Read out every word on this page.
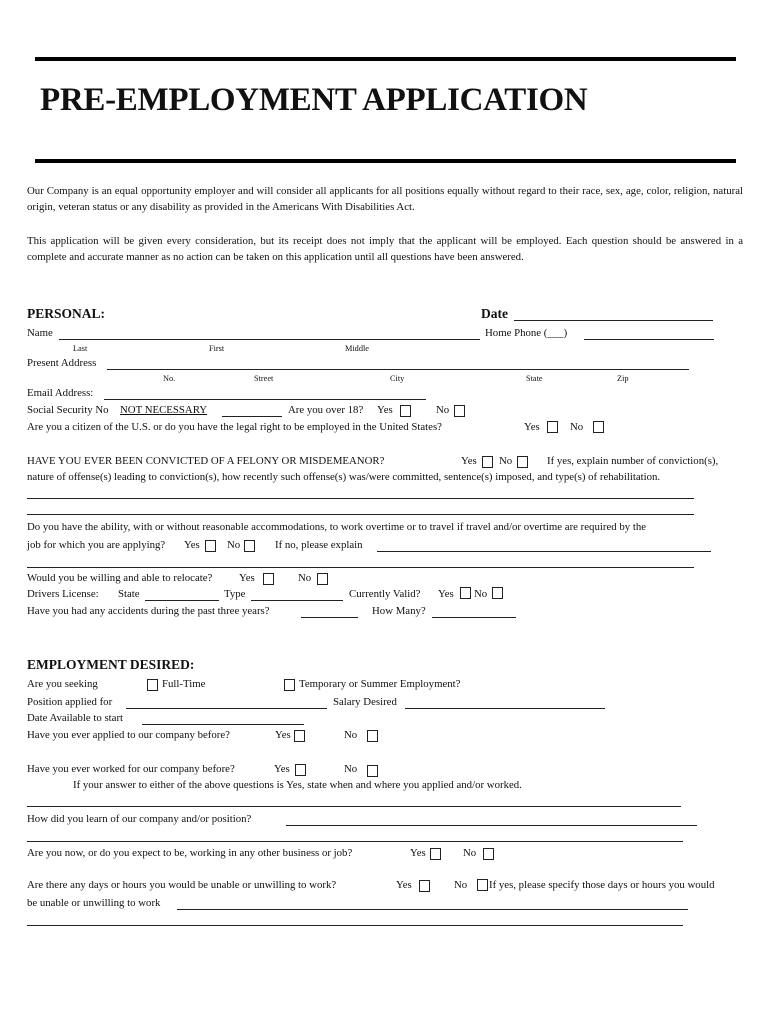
PRE-EMPLOYMENT APPLICATION
Our Company is an equal opportunity employer and will consider all applicants for all positions equally without regard to their race, sex, age, color, religion, natural origin, veteran status or any disability as provided in the Americans With Disabilities Act.
This application will be given every consideration, but its receipt does not imply that the applicant will be employed. Each question should be answered in a complete and accurate manner as no action can be taken on this application until all questions have been answered.
PERSONAL:	Date
Name	Home Phone (___)
Last	First	Middle
Present Address
No.	Street	City	State	Zip
Email Address:
Social Security No NOT NECESSARY	Are you over 18? Yes	No
Are you a citizen of the U.S. or do you have the legal right to be employed in the United States?	Yes	No
HAVE YOU EVER BEEN CONVICTED OF A FELONY OR MISDEMEANOR?	Yes No	If yes, explain number of conviction(s),
nature of offense(s) leading to conviction(s), how recently such offense(s) was/were committed, sentence(s) imposed, and type(s) of rehabilitation.
Do you have the ability, with or without reasonable accommodations, to work overtime or to travel if travel and/or overtime are required by the
job for which you are applying? Yes	No	If no, please explain
Would you be willing and able to relocate? Yes	No
Drivers License: State	Type	Currently Valid? Yes No
Have you had any accidents during the past three years?	How Many?
EMPLOYMENT DESIRED:
Are you seeking	Full-Time	Temporary or Summer Employment?
Position applied for	Salary Desired
Date Available to start
Have you ever applied to our company before?	Yes	No
Have you ever worked for our company before?	Yes	No
If your answer to either of the above questions is Yes, state when and where you applied and/or worked.
How did you learn of our company and/or position?
Are you now, or do you expect to be, working in any other business or job?	Yes	No
Are there any days or hours you would be unable or unwilling to work?	Yes	No If yes, please specify those days or hours you would
be unable or unwilling to work
